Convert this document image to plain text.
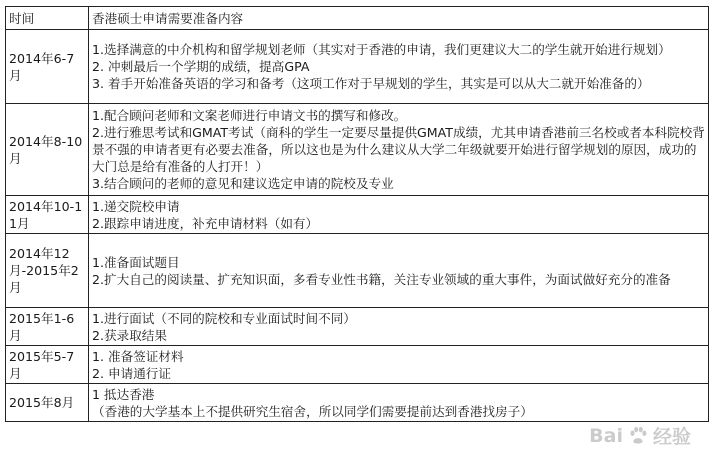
时间	香港硕士申请需要准备内容
2014年6-7月	1.选择满意的中介机构和留学规划老师（其实对于香港的申请，我们更建议大二的学生就开始进行规划）
2. 冲刺最后一个学期的成绩，提高GPA
3. 着手开始准备英语的学习和备考（这项工作对于早规划的学生，其实是可以从大二就开始准备的）

2014年8-10月	1.配合顾问老师和文案老师进行申请文书的撰写和修改。
2.进行雅思考试和GMAT考试（商科的学生一定要尽量提供GMAT成绩，尤其申请香港前三名校或者本科院校背景不强的申请者更有必要去准备，所以这也是为什么建议从大学二年级就要开始进行留学规划的原因，成功的大门总是给有准备的人打开！）
3.结合顾问的老师的意见和建议选定申请的院校及专业

2014年10-11月	1.递交院校申请
2.跟踪申请进度，补充申请材料（如有）

2014年12月-2015年2月	1.准备面试题目
2.扩大自己的阅读量、扩充知识面，多看专业性书籍，关注专业领域的重大事件，为面试做好充分的准备

2015年1-6月	1.进行面试（不同的院校和专业面试时间不同）
2.获录取结果

2015年5-7月	1. 准备签证材料
2. 申请通行证

2015年8月	1 抵达香港
（香港的大学基本上不提供研究生宿舍，所以同学们需要提前达到香港找房子）
Bai 经验
